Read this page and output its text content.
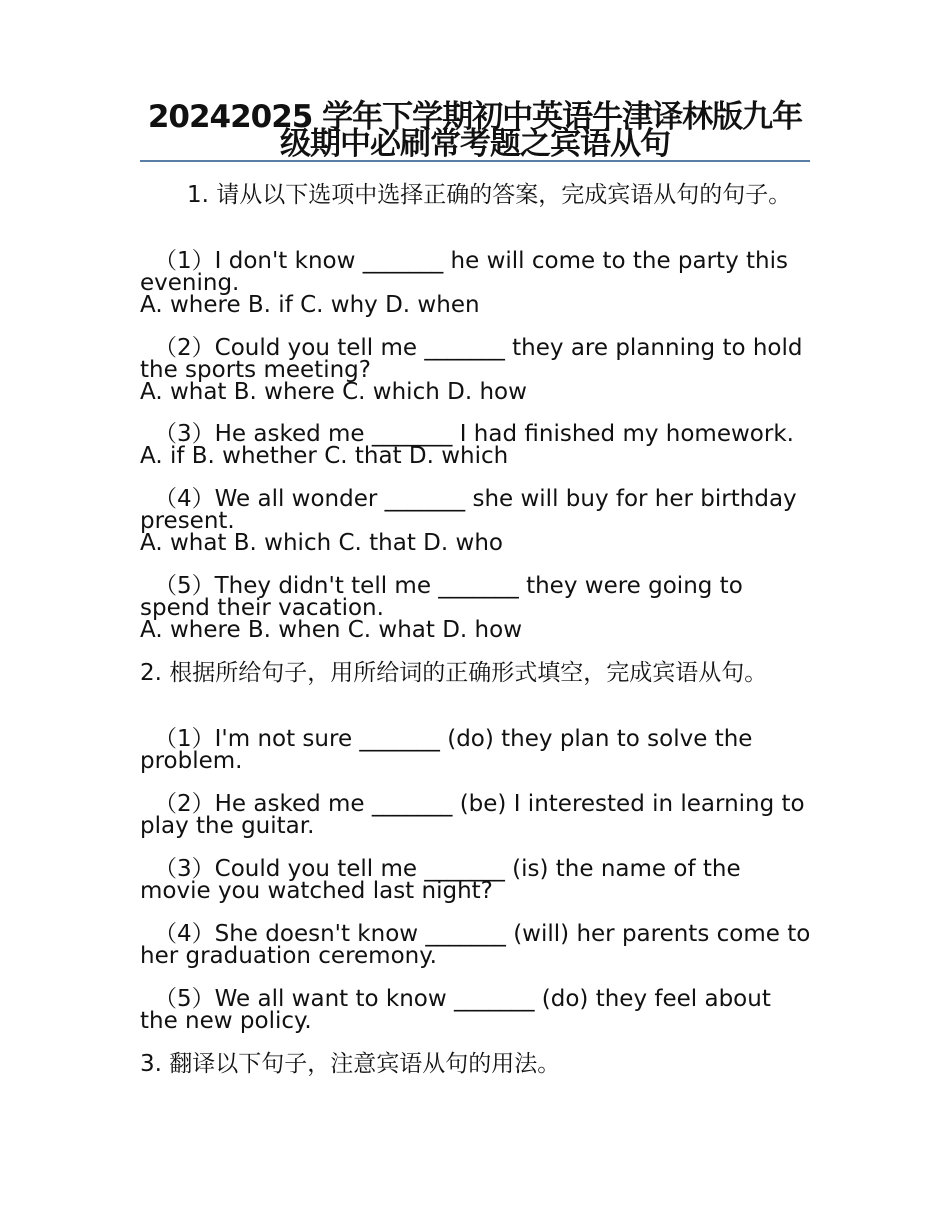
20242025 学年下学期初中英语牛津译林版九年级期中必刷常考题之宾语从句
1. 请从以下选项中选择正确的答案，完成宾语从句的句子。
（1）I don't know _______ he will come to the party this evening.
A. where B. if C. why D. when
（2）Could you tell me _______ they are planning to hold the sports meeting?
A. what B. where C. which D. how
（3）He asked me _______ I had finished my homework.
A. if B. whether C. that D. which
（4）We all wonder _______ she will buy for her birthday present.
A. what B. which C. that D. who
（5）They didn't tell me _______ they were going to spend their vacation.
A. where B. when C. what D. how
2. 根据所给句子，用所给词的正确形式填空，完成宾语从句。
（1）I'm not sure _______ (do) they plan to solve the problem.
（2）He asked me _______ (be) I interested in learning to play the guitar.
（3）Could you tell me _______ (is) the name of the movie you watched last night?
（4）She doesn't know _______ (will) her parents come to her graduation ceremony.
（5）We all want to know _______ (do) they feel about the new policy.
3. 翻译以下句子，注意宾语从句的用法。
